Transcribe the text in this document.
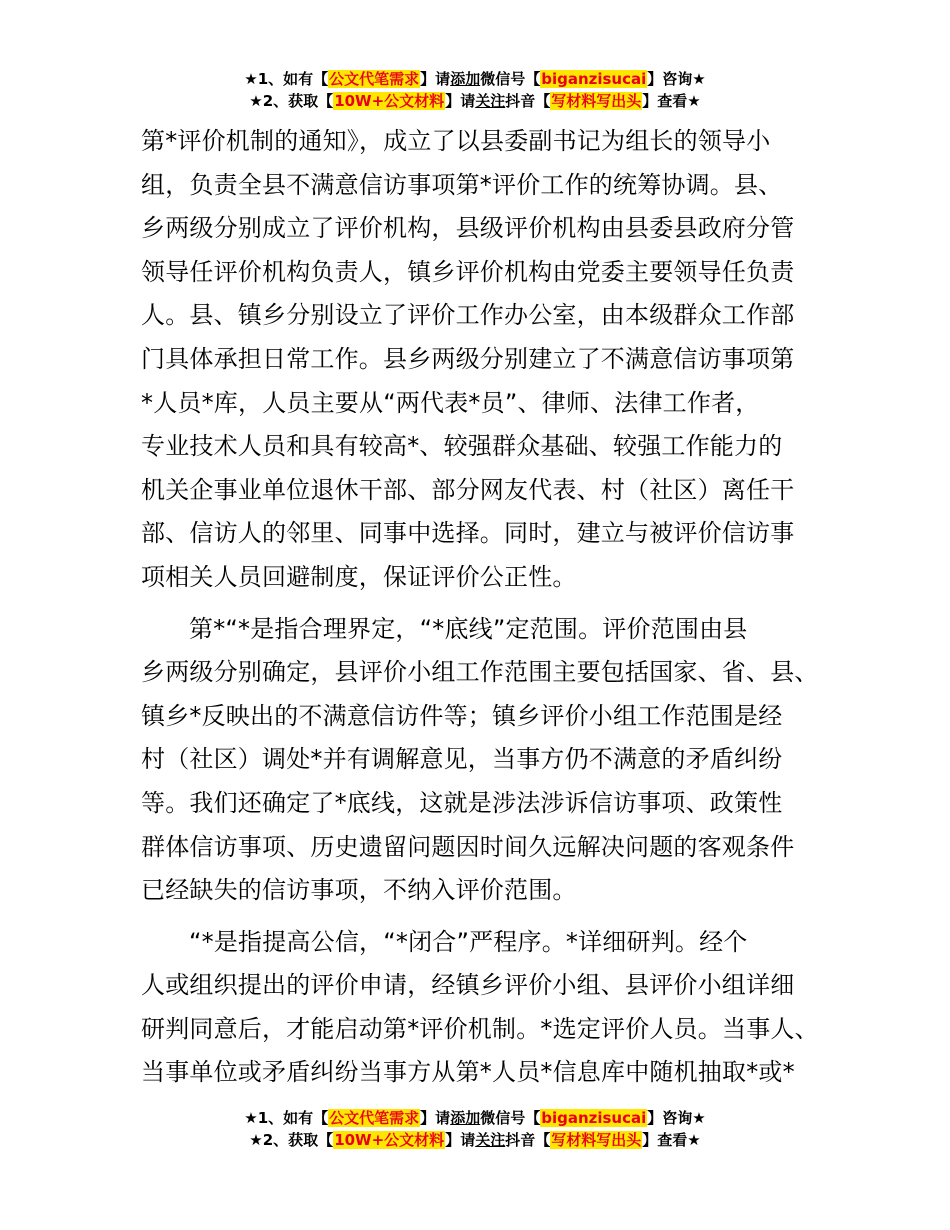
★1、如有【公文代笔需求】请添加微信号【biganzisucai】咨询★
★2、获取【10W+公文材料】请关注抖音【写材料写出头】查看★

第*评价机制的通知》，成立了以县委副书记为组长的领导小
组，负责全县不满意信访事项第*评价工作的统筹协调。县、
乡两级分别成立了评价机构，县级评价机构由县委县政府分管
领导任评价机构负责人，镇乡评价机构由党委主要领导任负责
人。县、镇乡分别设立了评价工作办公室，由本级群众工作部
门具体承担日常工作。县乡两级分别建立了不满意信访事项第
*人员*库，人员主要从“两代表*员”、律师、法律工作者，
专业技术人员和具有较高*、较强群众基础、较强工作能力的
机关企事业单位退休干部、部分网友代表、村（社区）离任干
部、信访人的邻里、同事中选择。同时，建立与被评价信访事
项相关人员回避制度，保证评价公正性。

第*“*是指合理界定，“*底线”定范围。评价范围由县
乡两级分别确定，县评价小组工作范围主要包括国家、省、县、
镇乡*反映出的不满意信访件等；镇乡评价小组工作范围是经
村（社区）调处*并有调解意见，当事方仍不满意的矛盾纠纷
等。我们还确定了*底线，这就是涉法涉诉信访事项、政策性
群体信访事项、历史遗留问题因时间久远解决问题的客观条件
已经缺失的信访事项，不纳入评价范围。

“*是指提高公信，“*闭合”严程序。*详细研判。经个
人或组织提出的评价申请，经镇乡评价小组、县评价小组详细
研判同意后，才能启动第*评价机制。*选定评价人员。当事人、
当事单位或矛盾纠纷当事方从第*人员*信息库中随机抽取*或*

★1、如有【公文代笔需求】请添加微信号【biganzisucai】咨询★
★2、获取【10W+公文材料】请关注抖音【写材料写出头】查看★
